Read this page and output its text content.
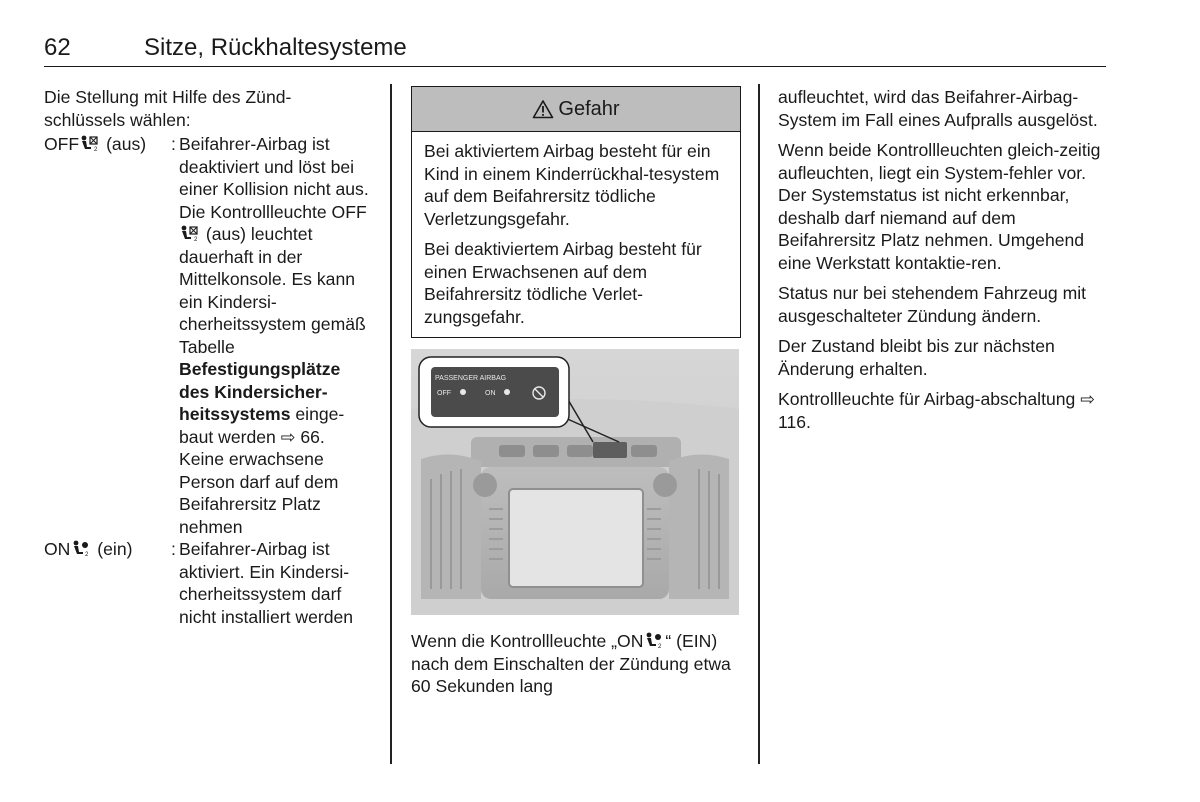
62	Sitze, Rückhaltesysteme

Die Stellung mit Hilfe des Zünd-schlüssels wählen:

OFF	2 (aus)	: Beifahrer-Airbag ist deaktiviert und löst bei einer Kollision nicht aus. Die Kontrollleuchte OFF
2 (aus) leuchtet dauerhaft in der Mittelkonsole. Es kann ein Kindersi-cherheitssystem gemäß Tabelle Befestigungsplätze des Kindersicher-heitssystems einge-baut werden ⇨ 66. Keine erwachsene Person darf auf dem Beifahrersitz Platz nehmen
ON	2 (ein)	: Beifahrer-Airbag ist aktiviert. Ein Kindersi-cherheitssystem darf nicht installiert werden
Gefahr

Bei aktiviertem Airbag besteht für ein Kind in einem Kinderrückhal-tesystem auf dem Beifahrersitz tödliche Verletzungsgefahr.

Bei deaktiviertem Airbag besteht für einen Erwachsenen auf dem Beifahrersitz tödliche Verlet-zungsgefahr.

PASSENGER AIRBAG
OFF	ON
Wenn die Kontrollleuchte „ON	2 “ (EIN) nach dem Einschalten der Zündung etwa 60 Sekunden lang

aufleuchtet, wird das Beifahrer-Airbag-System im Fall eines Aufpralls ausgelöst.

Wenn beide Kontrollleuchten gleich-zeitig aufleuchten, liegt ein System-fehler vor. Der Systemstatus ist nicht erkennbar, deshalb darf niemand auf dem Beifahrersitz Platz nehmen. Umgehend eine Werkstatt kontaktie-ren.

Status nur bei stehendem Fahrzeug mit ausgeschalteter Zündung ändern.

Der Zustand bleibt bis zur nächsten Änderung erhalten.

Kontrollleuchte für Airbag-abschaltung ⇨ 116.
